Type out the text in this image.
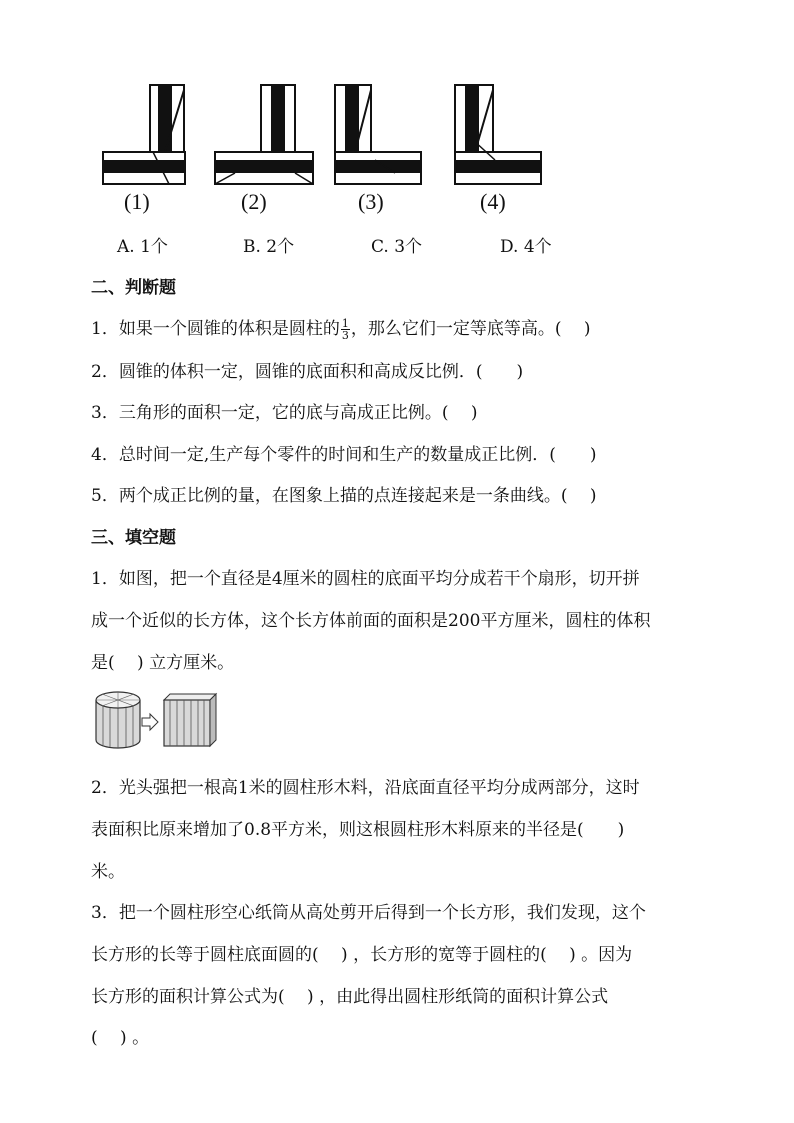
(1)	(2)	(3)	(4)
A. 1个	B. 2个	C. 3个	D. 4个
二、判断题
1．如果一个圆锥的体积是圆柱的 $\frac{1}{3}$ ，那么它们一定等底等高。(　 )
2．圆锥的体积一定，圆锥的底面积和高成反比例．(　　)
3．三角形的面积一定，它的底与高成正比例。(　 )
4．总时间一定,生产每个零件的时间和生产的数量成正比例．(　　)
5．两个成正比例的量，在图象上描的点连接起来是一条曲线。(　 )
三、填空题
1．如图，把一个直径是4厘米的圆柱的底面平均分成若干个扇形，切开拼
成一个近似的长方体，这个长方体前面的面积是200平方厘米，圆柱的体积
是(　 ) 立方厘米。
2．光头强把一根高1米的圆柱形木料，沿底面直径平均分成两部分，这时
表面积比原来增加了0.8平方米，则这根圆柱形木料原来的半径是(　　)
米。
3．把一个圆柱形空心纸筒从高处剪开后得到一个长方形，我们发现，这个
长方形的长等于圆柱底面圆的(　 ) ，长方形的宽等于圆柱的(　 ) 。因为
长方形的面积计算公式为(　 ) ，由此得出圆柱形纸筒的面积计算公式
(　 ) 。
